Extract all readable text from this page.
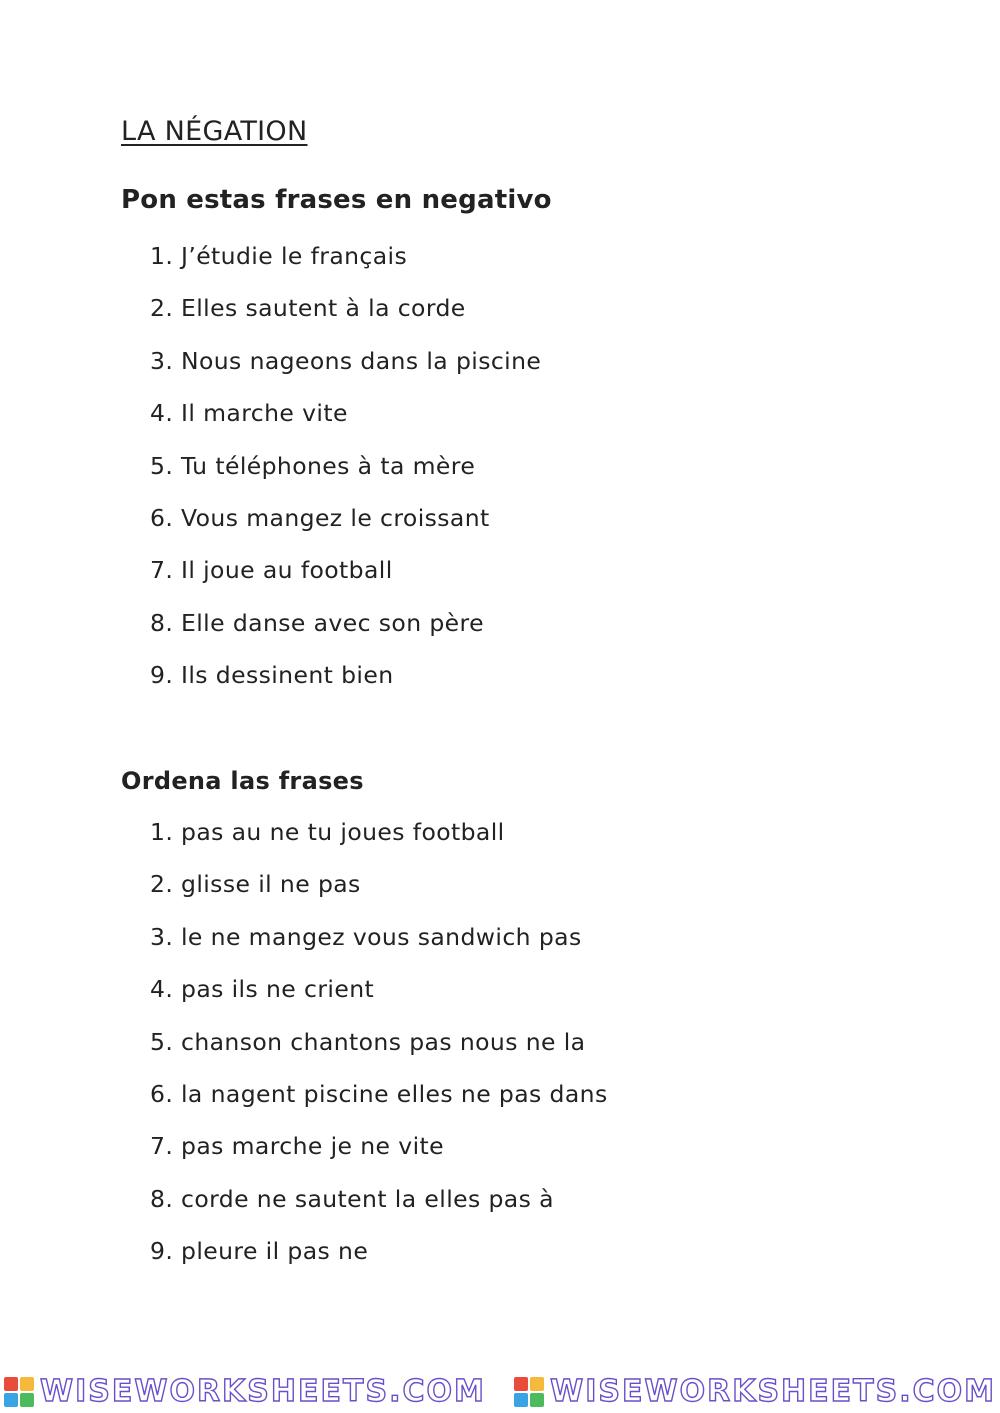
LA NÉGATION
Pon estas frases en negativo
1. J’étudie le français
2. Elles sautent à la corde
3. Nous nageons dans la piscine
4. Il marche vite
5. Tu téléphones à ta mère
6. Vous mangez le croissant
7. Il joue au football
8. Elle danse avec son père
9. Ils dessinent bien
Ordena las frases
1. pas au ne tu joues football
2. glisse il ne pas
3. le ne mangez vous sandwich pas
4. pas ils ne crient
5. chanson chantons pas nous ne la
6. la nagent piscine elles ne pas dans
7. pas marche je ne vite
8. corde ne sautent la elles pas à
9. pleure il pas ne
WISEWORKSHEETS.COM WISEWORKSHEETS.COM
